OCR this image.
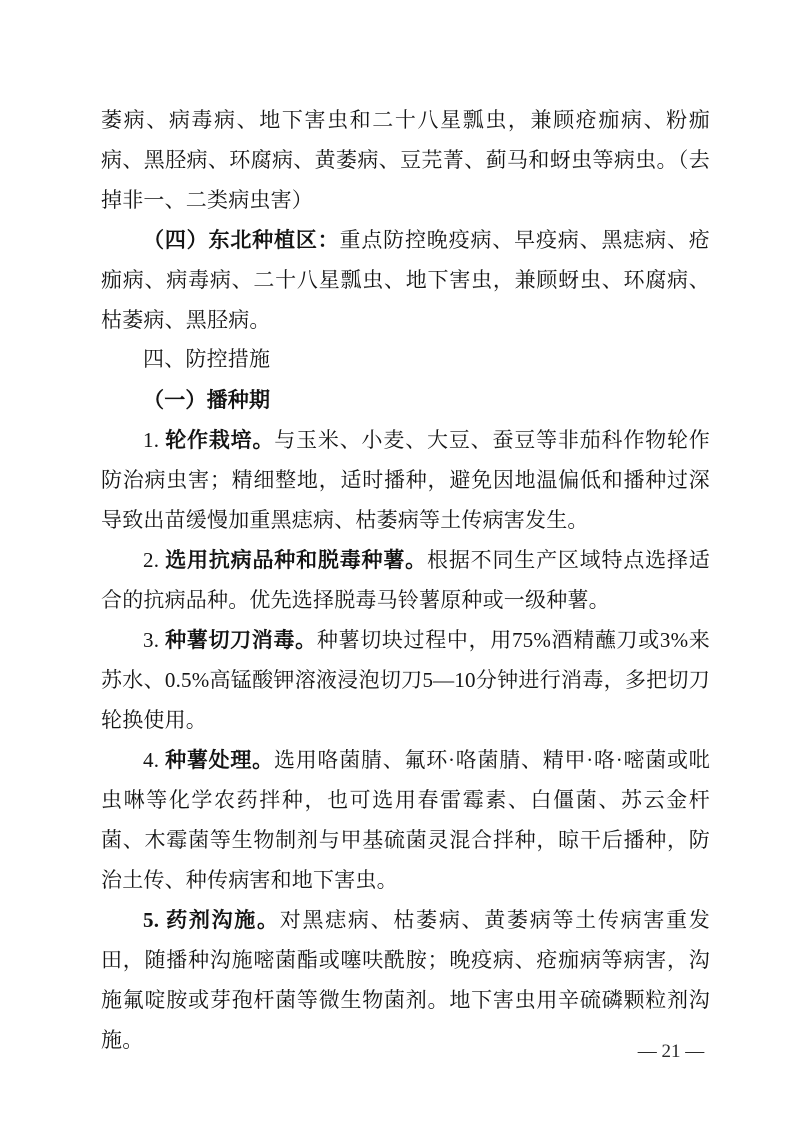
萎病、病毒病、地下害虫和二十八星瓢虫，兼顾疮痂病、粉痂病、黑胫病、环腐病、黄萎病、豆芫菁、蓟马和蚜虫等病虫。（去掉非一、二类病虫害）

（四）东北种植区：重点防控晚疫病、早疫病、黑痣病、疮痂病、病毒病、二十八星瓢虫、地下害虫，兼顾蚜虫、环腐病、枯萎病、黑胫病。

四、防控措施

（一）播种期

1. 轮作栽培。与玉米、小麦、大豆、蚕豆等非茄科作物轮作防治病虫害；精细整地，适时播种，避免因地温偏低和播种过深导致出苗缓慢加重黑痣病、枯萎病等土传病害发生。

2. 选用抗病品种和脱毒种薯。根据不同生产区域特点选择适合的抗病品种。优先选择脱毒马铃薯原种或一级种薯。

3. 种薯切刀消毒。种薯切块过程中，用75%酒精蘸刀或3%来苏水、0.5%高锰酸钾溶液浸泡切刀5—10分钟进行消毒，多把切刀轮换使用。

4. 种薯处理。选用咯菌腈、氟环·咯菌腈、精甲·咯·嘧菌或吡虫啉等化学农药拌种，也可选用春雷霉素、白僵菌、苏云金杆菌、木霉菌等生物制剂与甲基硫菌灵混合拌种，晾干后播种，防治土传、种传病害和地下害虫。

5. 药剂沟施。对黑痣病、枯萎病、黄萎病等土传病害重发田，随播种沟施嘧菌酯或噻呋酰胺；晚疫病、疮痂病等病害，沟施氟啶胺或芽孢杆菌等微生物菌剂。地下害虫用辛硫磷颗粒剂沟施。	— 21 —
